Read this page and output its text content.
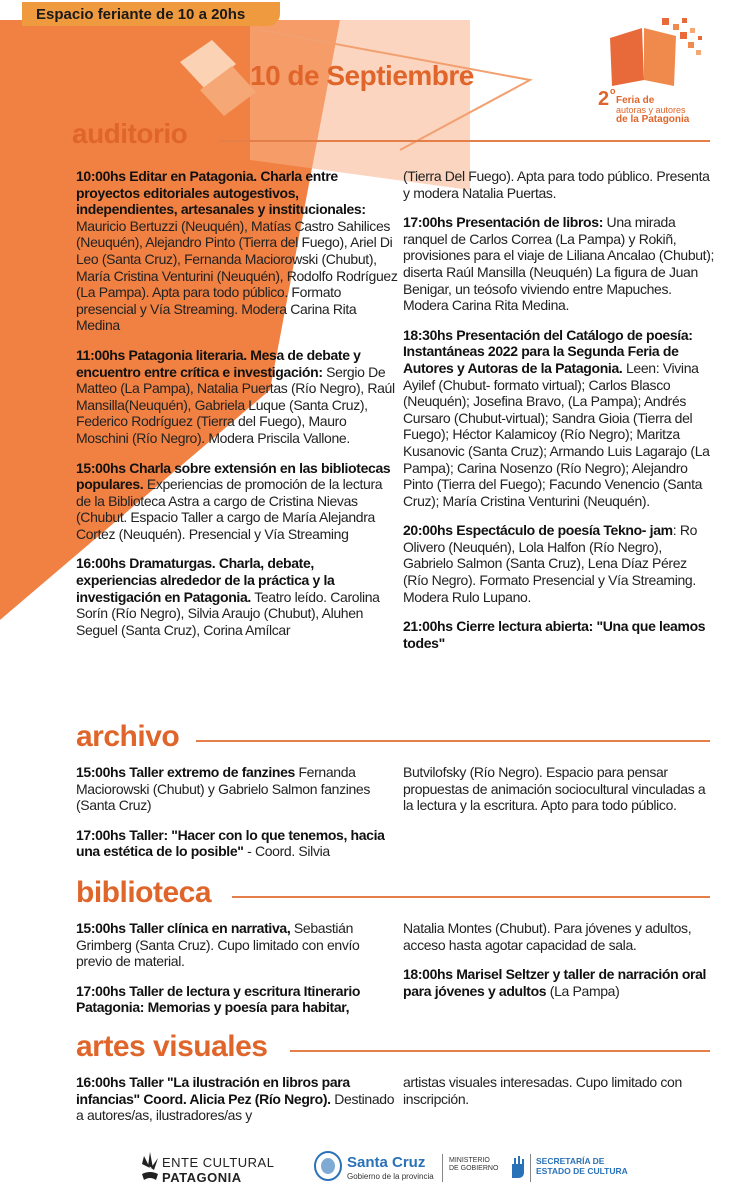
Espacio feriante de 10 a 20hs
10 de Septiembre
2 o
Feria de
autoras y autores
de la Patagonia
auditorio

10:00hs Editar en Patagonia. Charla entre proyectos editoriales autogestivos, independientes, artesanales y institucionales: Mauricio Bertuzzi (Neuquén), Matías Castro Sahilices (Neuquén), Alejandro Pinto (Tierra del Fuego), Ariel Di Leo (Santa Cruz), Fernanda Maciorowski (Chubut), María Cristina Venturini (Neuquén), Rodolfo Rodríguez (La Pampa). Apta para todo público. Formato presencial y Vía Streaming. Modera Carina Rita Medina

11:00hs Patagonia literaria. Mesa de debate y encuentro entre crítica e investigación: Sergio De Matteo (La Pampa), Natalia Puertas (Río Negro), Raúl Mansilla(Neuquén), Gabriela Luque (Santa Cruz), Federico Rodríguez (Tierra del Fuego), Mauro Moschini (Río Negro). Modera Priscila Vallone.

15:00hs Charla sobre extensión en las bibliotecas populares. Experiencias de promoción de la lectura de la Biblioteca Astra a cargo de Cristina Nievas (Chubut. Espacio Taller a cargo de María Alejandra Cortez (Neuquén). Presencial y Vía Streaming

16:00hs Dramaturgas. Charla, debate, experiencias alrededor de la práctica y la investigación en Patagonia. Teatro leído. Carolina Sorín (Río Negro), Silvia Araujo (Chubut), Aluhen Seguel (Santa Cruz), Corina Amílcar

(Tierra Del Fuego). Apta para todo público. Presenta y modera Natalia Puertas.

17:00hs Presentación de libros: Una mirada ranquel de Carlos Correa (La Pampa) y Rokiñ, provisiones para el viaje de Liliana Ancalao (Chubut); diserta Raúl Mansilla (Neuquén) La figura de Juan Benigar, un teósofo viviendo entre Mapuches. Modera Carina Rita Medina.

18:30hs Presentación del Catálogo de poesía: Instantáneas 2022 para la Segunda Feria de Autores y Autoras de la Patagonia. Leen: Vivina Ayilef (Chubut- formato virtual); Carlos Blasco (Neuquén); Josefina Bravo, (La Pampa); Andrés Cursaro (Chubut-virtual); Sandra Gioia (Tierra del Fuego); Héctor Kalamicoy (Río Negro); Maritza Kusanovic (Santa Cruz); Armando Luis Lagarajo (La Pampa); Carina Nosenzo (Río Negro); Alejandro Pinto (Tierra del Fuego); Facundo Venencio (Santa Cruz); María Cristina Venturini (Neuquén).

20:00hs Espectáculo de poesía Tekno- jam: Ro Olivero (Neuquén), Lola Halfon (Río Negro), Gabrielo Salmon (Santa Cruz), Lena Díaz Pérez (Río Negro). Formato Presencial y Vía Streaming. Modera Rulo Lupano.

21:00hs Cierre lectura abierta: "Una que leamos todes"

archivo

15:00hs Taller extremo de fanzines Fernanda Maciorowski (Chubut) y Gabrielo Salmon fanzines (Santa Cruz)

17:00hs Taller: "Hacer con lo que tenemos, hacia una estética de lo posible" - Coord. Silvia

Butvilofsky (Río Negro). Espacio para pensar propuestas de animación sociocultural vinculadas a la lectura y la escritura. Apto para todo público.

biblioteca

15:00hs Taller clínica en narrativa, Sebastián Grimberg (Santa Cruz). Cupo limitado con envío previo de material.

17:00hs Taller de lectura y escritura Itinerario Patagonia: Memorias y poesía para habitar,

Natalia Montes (Chubut). Para jóvenes y adultos, acceso hasta agotar capacidad de sala.

18:00hs Marisel Seltzer y taller de narración oral para jóvenes y adultos (La Pampa)

artes visuales

16:00hs Taller "La ilustración en libros para infancias" Coord. Alicia Pez (Río Negro). Destinado a autores/as, ilustradores/as y

artistas visuales interesadas. Cupo limitado con inscripción.

ENTE CULTURAL
PATAGONIA
Santa Cruz
Gobierno de la provincia
MINISTERIO
DE GOBIERNO
SECRETARÍA DE
ESTADO DE CULTURA
